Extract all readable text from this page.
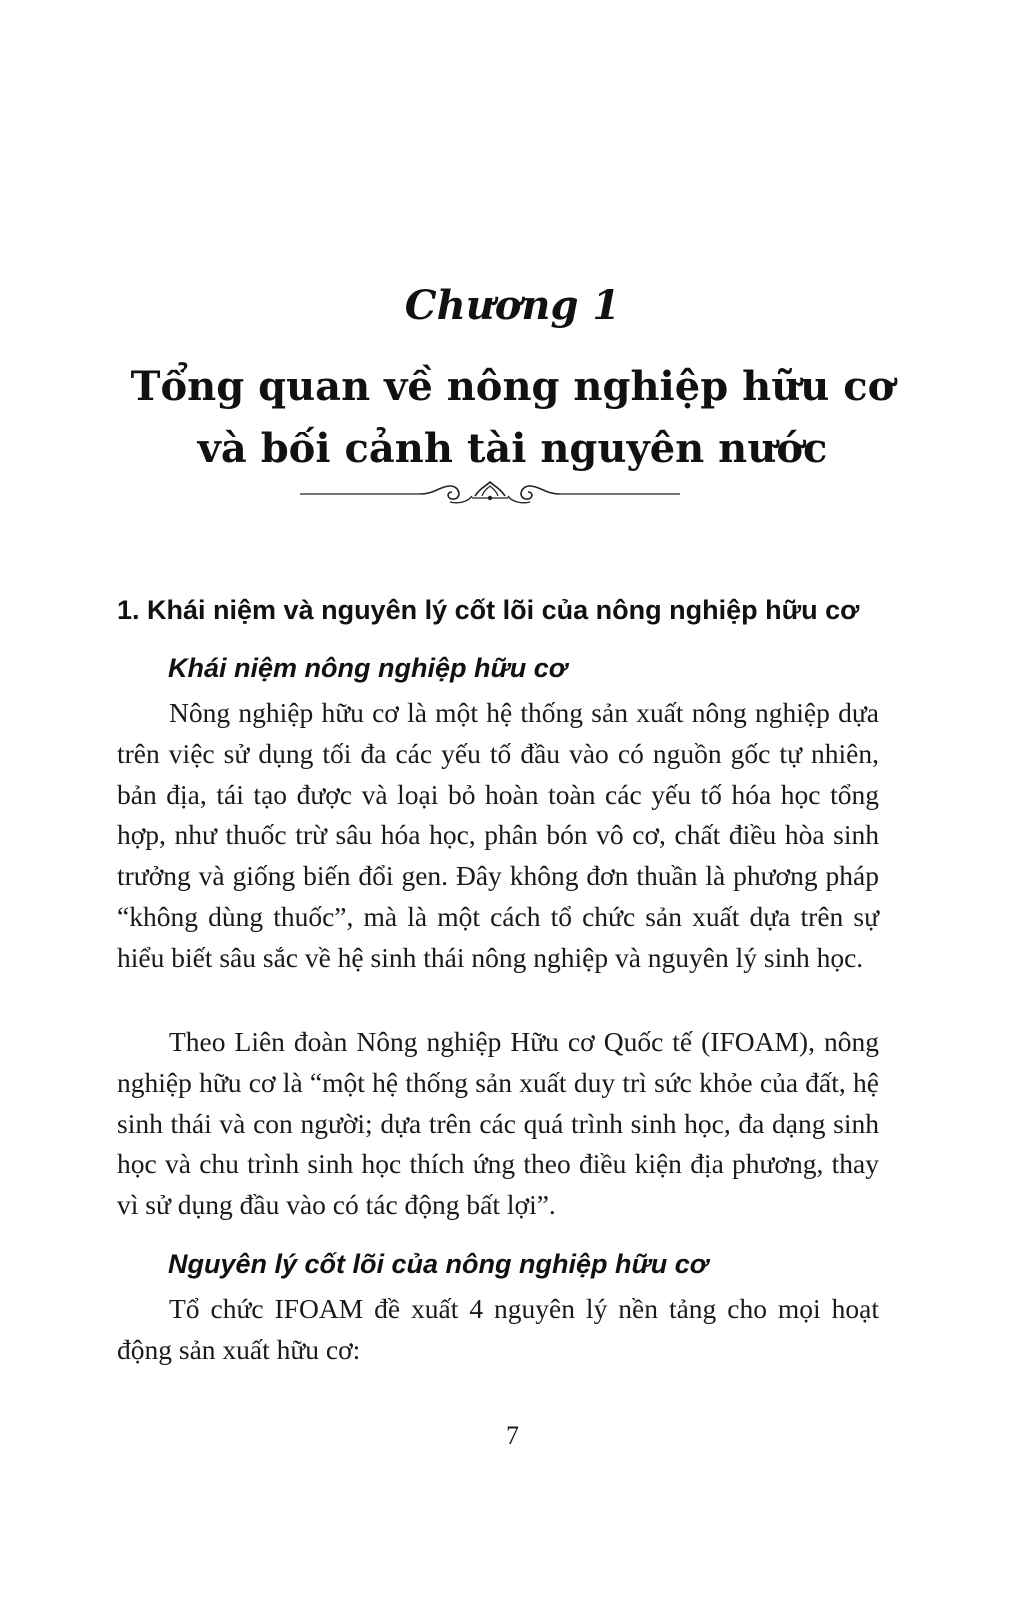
Chương 1
Tổng quan về nông nghiệp hữu cơ và bối cảnh tài nguyên nước
1. Khái niệm và nguyên lý cốt lõi của nông nghiệp hữu cơ
Khái niệm nông nghiệp hữu cơ

Nông nghiệp hữu cơ là một hệ thống sản xuất nông nghiệp dựa trên việc sử dụng tối đa các yếu tố đầu vào có nguồn gốc tự nhiên, bản địa, tái tạo được và loại bỏ hoàn toàn các yếu tố hóa học tổng hợp, như thuốc trừ sâu hóa học, phân bón vô cơ, chất điều hòa sinh trưởng và giống biến đổi gen. Đây không đơn thuần là phương pháp “không dùng thuốc”, mà là một cách tổ chức sản xuất dựa trên sự hiểu biết sâu sắc về hệ sinh thái nông nghiệp và nguyên lý sinh học.

Theo Liên đoàn Nông nghiệp Hữu cơ Quốc tế (IFOAM), nông nghiệp hữu cơ là “một hệ thống sản xuất duy trì sức khỏe của đất, hệ sinh thái và con người; dựa trên các quá trình sinh học, đa dạng sinh học và chu trình sinh học thích ứng theo điều kiện địa phương, thay vì sử dụng đầu vào có tác động bất lợi”.

Nguyên lý cốt lõi của nông nghiệp hữu cơ

Tổ chức IFOAM đề xuất 4 nguyên lý nền tảng cho mọi hoạt động sản xuất hữu cơ:

7
